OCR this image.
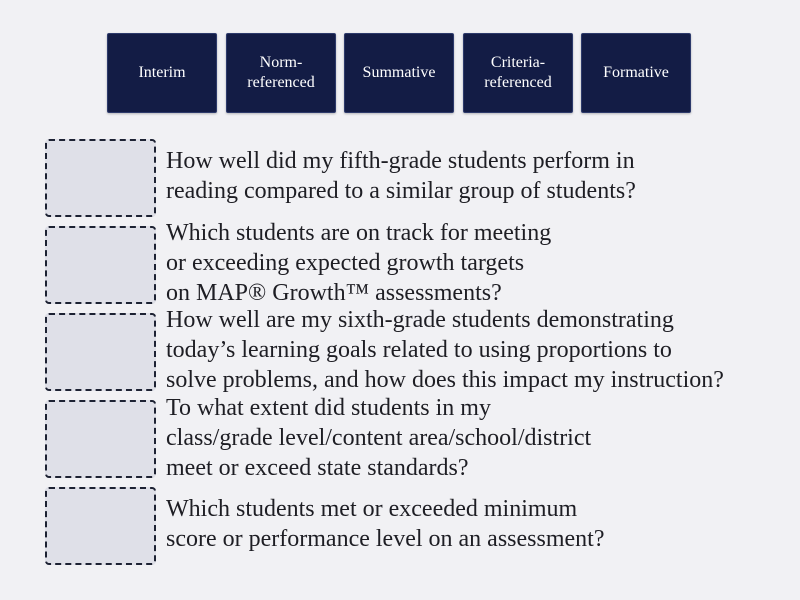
Interim
Norm-
referenced
Summative
Criteria-
referenced
Formative
How well did my fifth-grade students perform in
reading compared to a similar group of students?
Which students are on track for meeting
or exceeding expected growth targets
on MAP® Growth™ assessments?
How well are my sixth-grade students demonstrating
today’s learning goals related to using proportions to
solve problems, and how does this impact my instruction?
To what extent did students in my
class/grade level/content area/school/district
meet or exceed state standards?
Which students met or exceeded minimum
score or performance level on an assessment?
